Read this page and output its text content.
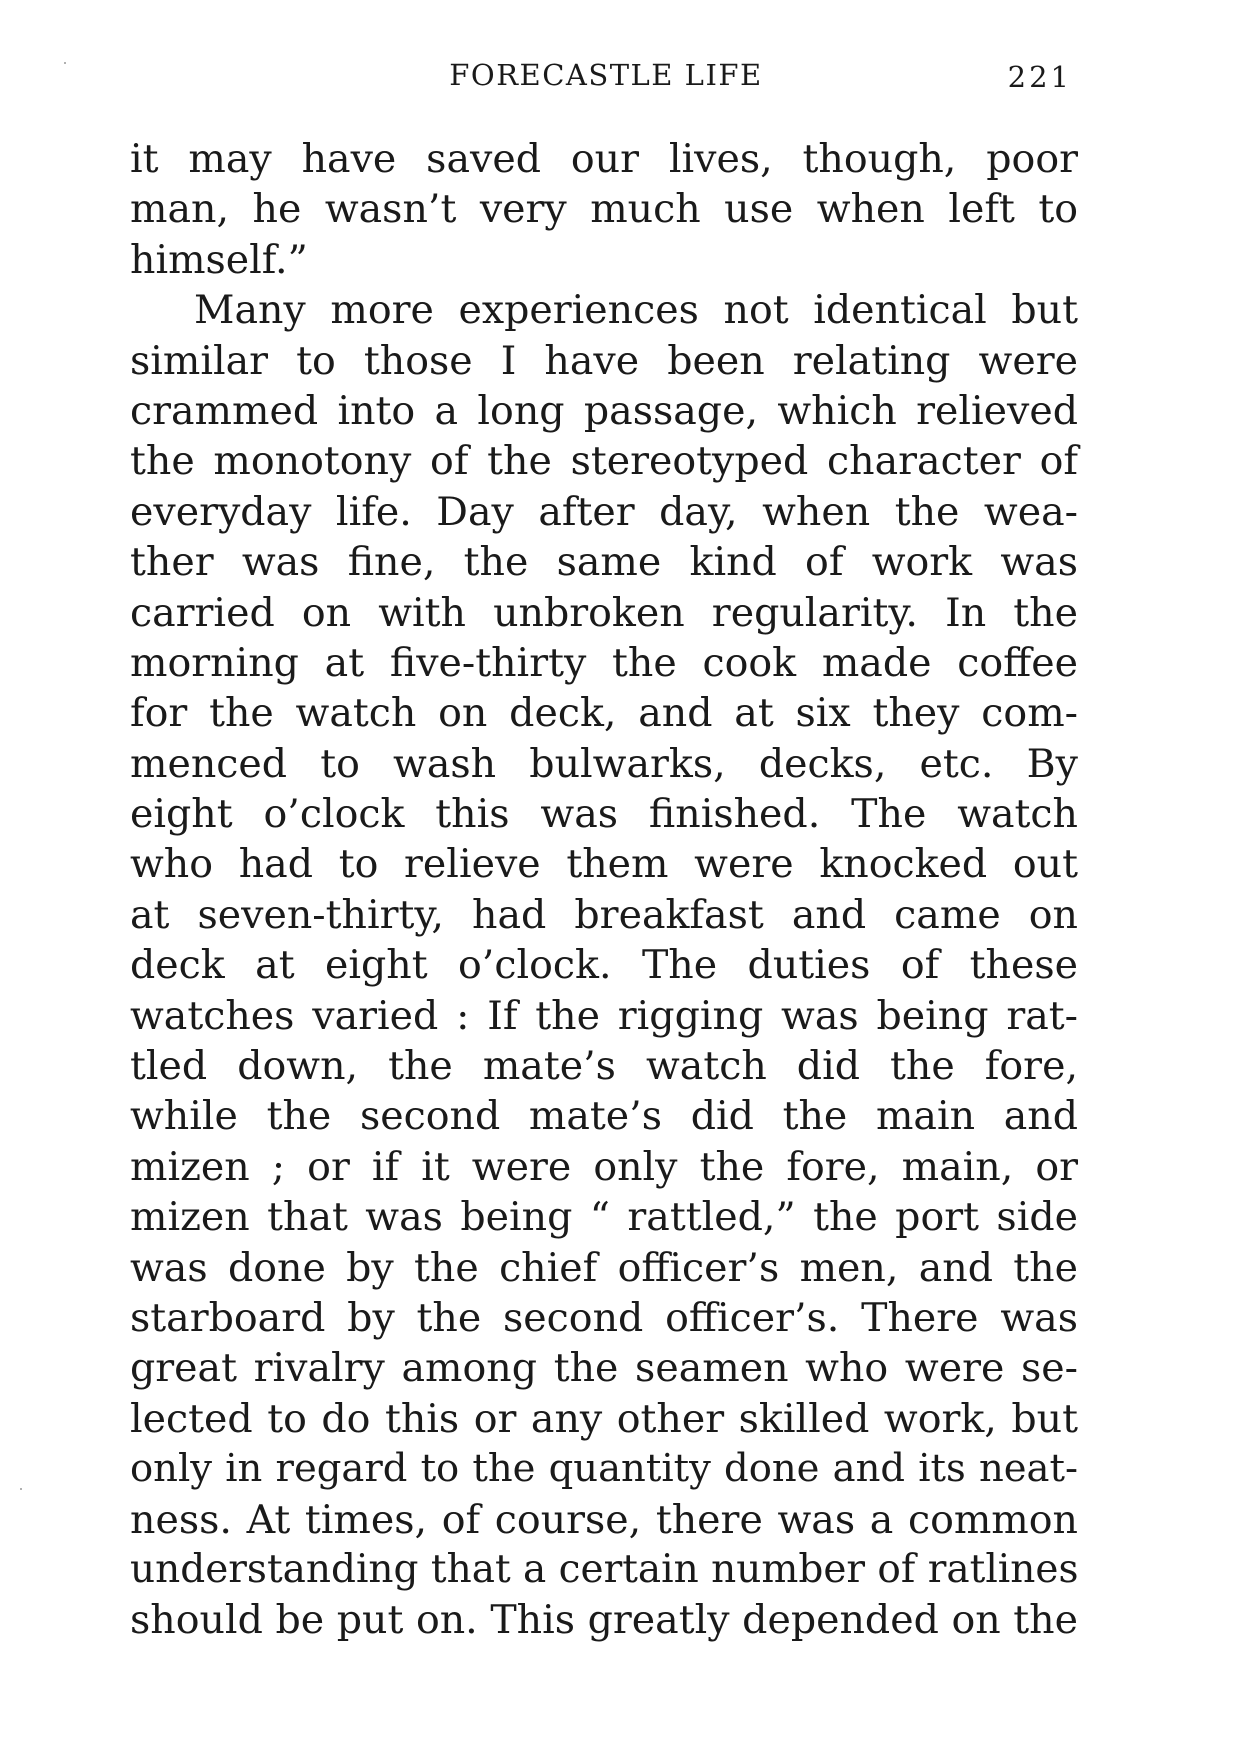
FORECASTLE LIFE	221
it may have saved our lives, though, poor
man, he wasn’t very much use when left to
himself.”
Many more experiences not identical but
similar to those I have been relating were
crammed into a long passage, which relieved
the monotony of the stereotyped character of
everyday life. Day after day, when the wea-
ther was fine, the same kind of work was
carried on with unbroken regularity. In the
morning at five-thirty the cook made coffee
for the watch on deck, and at six they com-
menced to wash bulwarks, decks, etc. By
eight o’clock this was finished. The watch
who had to relieve them were knocked out
at seven-thirty, had breakfast and came on
deck at eight o’clock. The duties of these
watches varied : If the rigging was being rat-
tled down, the mate’s watch did the fore,
while the second mate’s did the main and
mizen ; or if it were only the fore, main, or
mizen that was being “ rattled,” the port side
was done by the chief officer’s men, and the
starboard by the second officer’s. There was
great rivalry among the seamen who were se-
lected to do this or any other skilled work, but
only in regard to the quantity done and its neat-
ness. At times, of course, there was a common
understanding that a certain number of ratlines
should be put on. This greatly depended on the
